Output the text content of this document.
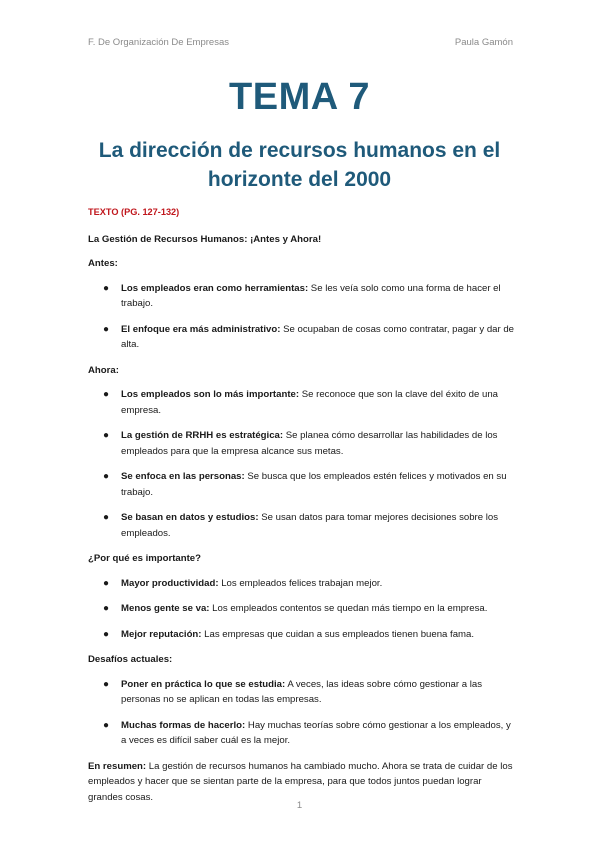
F. De Organización De Empresas	Paula Gamón
TEMA 7
La dirección de recursos humanos en el horizonte del 2000
TEXTO (PG. 127-132)

La Gestión de Recursos Humanos: ¡Antes y Ahora!

Antes:

● Los empleados eran como herramientas: Se les veía solo como una forma de hacer el trabajo.
● El enfoque era más administrativo: Se ocupaban de cosas como contratar, pagar y dar de alta.

Ahora:

● Los empleados son lo más importante: Se reconoce que son la clave del éxito de una empresa.
● La gestión de RRHH es estratégica: Se planea cómo desarrollar las habilidades de los empleados para que la empresa alcance sus metas.
● Se enfoca en las personas: Se busca que los empleados estén felices y motivados en su trabajo.
● Se basan en datos y estudios: Se usan datos para tomar mejores decisiones sobre los empleados.

¿Por qué es importante?

● Mayor productividad: Los empleados felices trabajan mejor.
● Menos gente se va: Los empleados contentos se quedan más tiempo en la empresa.
● Mejor reputación: Las empresas que cuidan a sus empleados tienen buena fama.

Desafíos actuales:

● Poner en práctica lo que se estudia: A veces, las ideas sobre cómo gestionar a las personas no se aplican en todas las empresas.
● Muchas formas de hacerlo: Hay muchas teorías sobre cómo gestionar a los empleados, y a veces es difícil saber cuál es la mejor.

En resumen: La gestión de recursos humanos ha cambiado mucho. Ahora se trata de cuidar de los empleados y hacer que se sientan parte de la empresa, para que todos juntos puedan lograr grandes cosas.

1
